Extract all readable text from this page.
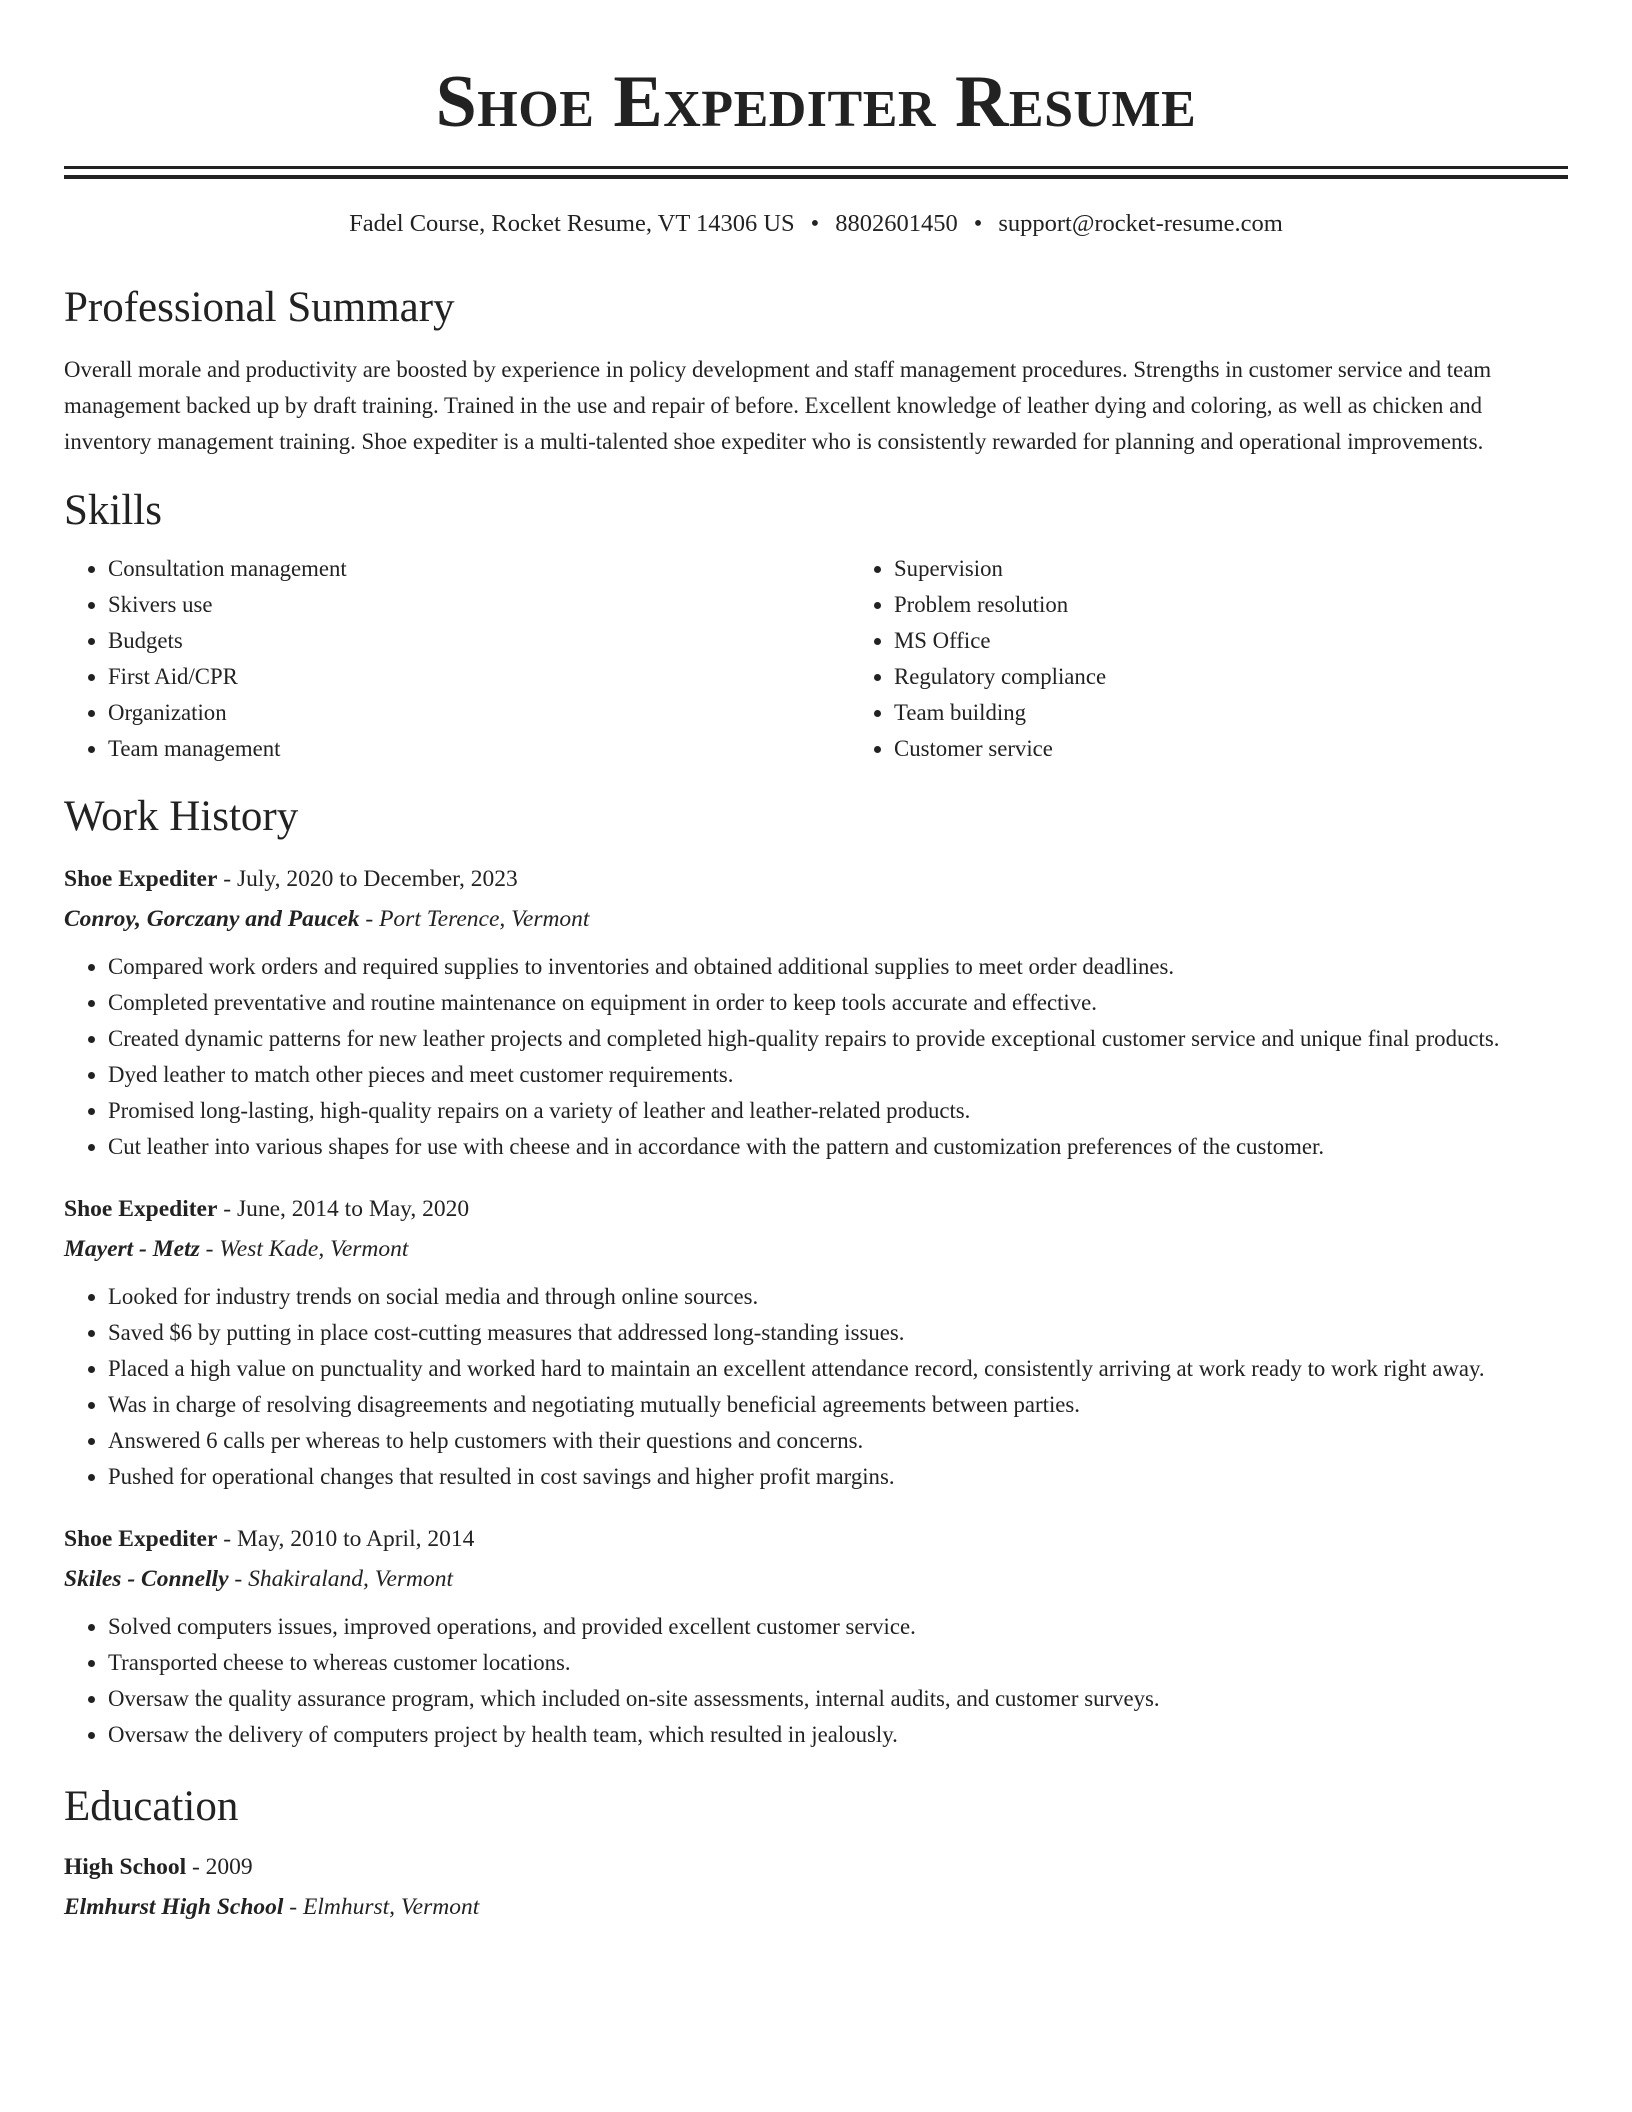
Shoe Expediter Resume
Fadel Course, Rocket Resume, VT 14306 US • 8802601450 • support@rocket-resume.com
Professional Summary

Overall morale and productivity are boosted by experience in policy development and staff management procedures. Strengths in customer service and team management backed up by draft training. Trained in the use and repair of before. Excellent knowledge of leather dying and coloring, as well as chicken and inventory management training. Shoe expediter is a multi-talented shoe expediter who is consistently rewarded for planning and operational improvements.

Skills
• Consultation management
• Skivers use
• Budgets
• First Aid/CPR
• Organization
• Team management
• Supervision
• Problem resolution
• MS Office
• Regulatory compliance
• Team building
• Customer service
Work History
Shoe Expediter - July, 2020 to December, 2023
Conroy, Gorczany and Paucek - Port Terence, Vermont
• Compared work orders and required supplies to inventories and obtained additional supplies to meet order deadlines.
• Completed preventative and routine maintenance on equipment in order to keep tools accurate and effective.
• Created dynamic patterns for new leather projects and completed high-quality repairs to provide exceptional customer service and unique final products.
• Dyed leather to match other pieces and meet customer requirements.
• Promised long-lasting, high-quality repairs on a variety of leather and leather-related products.
• Cut leather into various shapes for use with cheese and in accordance with the pattern and customization preferences of the customer.
Shoe Expediter - June, 2014 to May, 2020
Mayert - Metz - West Kade, Vermont
• Looked for industry trends on social media and through online sources.
• Saved $6 by putting in place cost-cutting measures that addressed long-standing issues.
• Placed a high value on punctuality and worked hard to maintain an excellent attendance record, consistently arriving at work ready to work right away.
• Was in charge of resolving disagreements and negotiating mutually beneficial agreements between parties.
• Answered 6 calls per whereas to help customers with their questions and concerns.
• Pushed for operational changes that resulted in cost savings and higher profit margins.
Shoe Expediter - May, 2010 to April, 2014
Skiles - Connelly - Shakiraland, Vermont
• Solved computers issues, improved operations, and provided excellent customer service.
• Transported cheese to whereas customer locations.
• Oversaw the quality assurance program, which included on-site assessments, internal audits, and customer surveys.
• Oversaw the delivery of computers project by health team, which resulted in jealously.
Education
High School - 2009
Elmhurst High School - Elmhurst, Vermont
